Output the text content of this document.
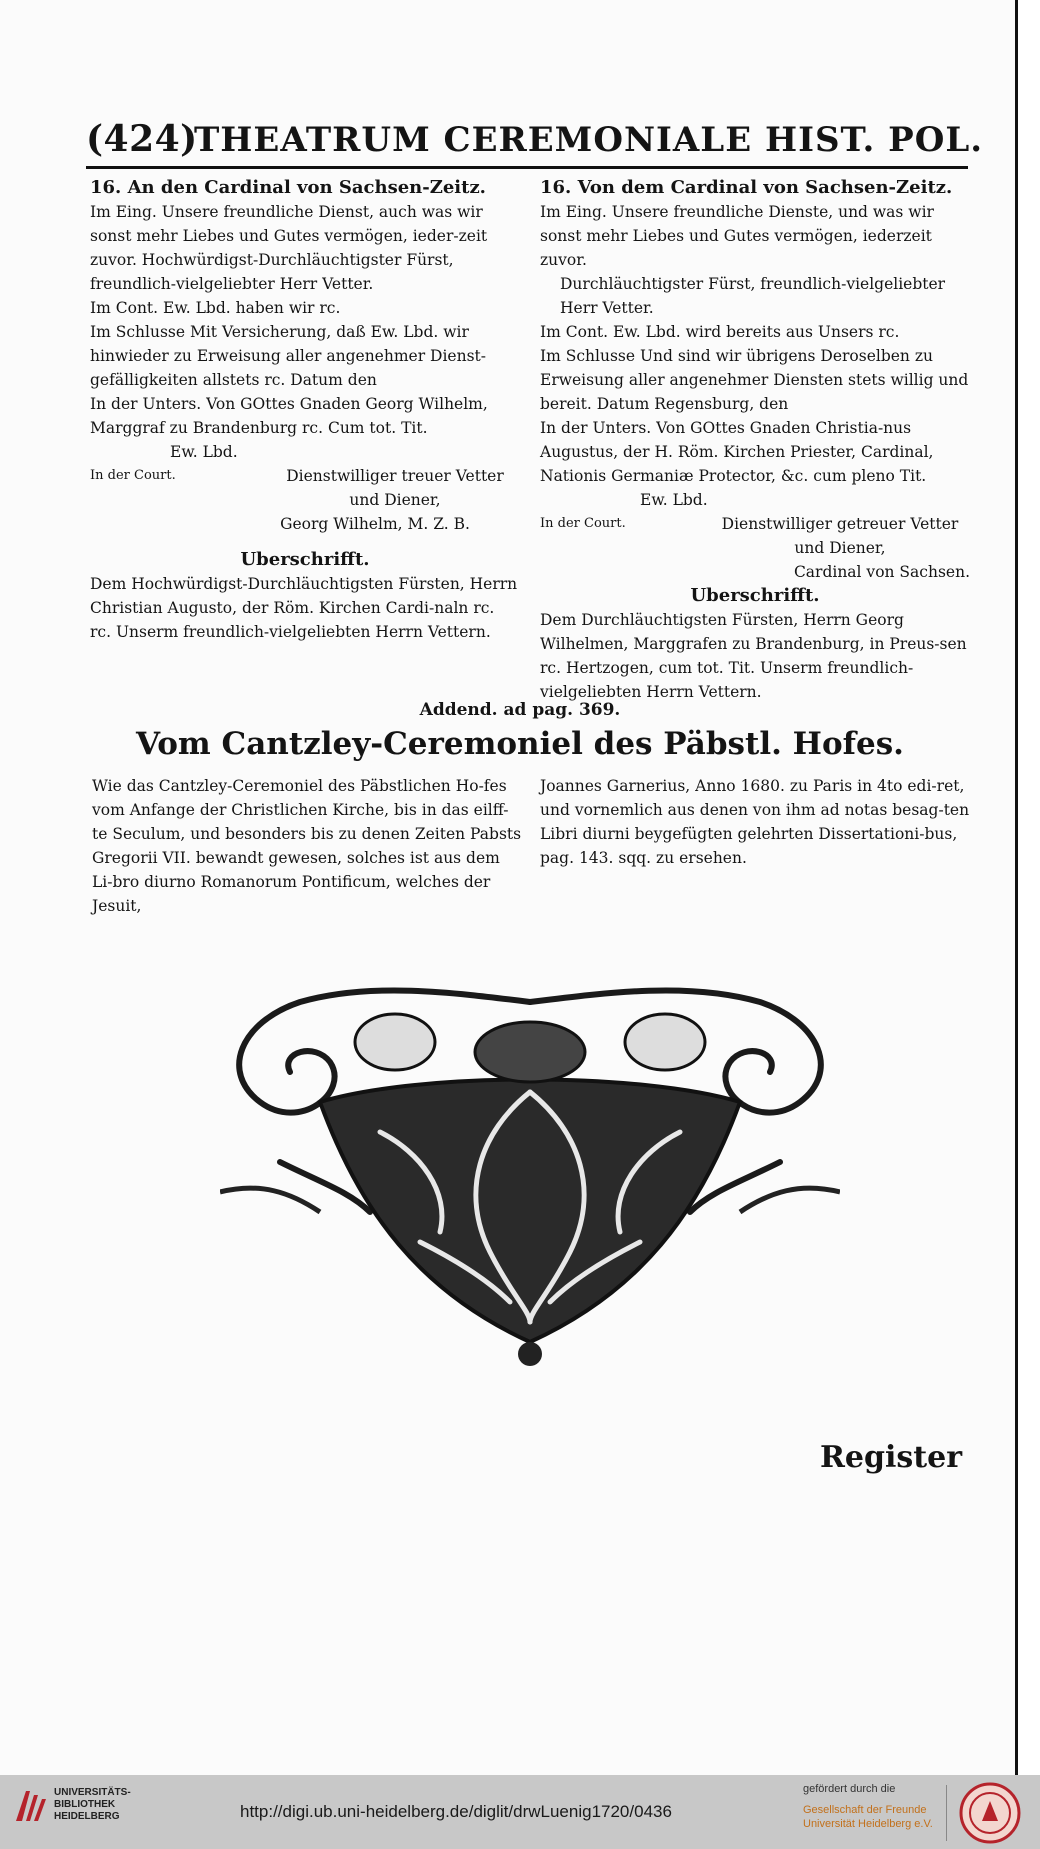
(424)
THEATRUM CEREMONIALE HIST. POL.

16. An den Cardinal von Sachsen-Zeitz.

Im Eing. Unsere freundliche Dienst, auch was wir sonst mehr Liebes und Gutes vermögen, ieder-zeit zuvor. Hochwürdigst-Durchläuchtigster Fürst, freundlich-vielgeliebter Herr Vetter.

Im Cont. Ew. Lbd. haben wir rc.

Im Schlusse Mit Versicherung, daß Ew. Lbd. wir hinwieder zu Erweisung aller angenehmer Dienst-gefälligkeiten allstets rc. Datum den

In der Unters. Von GOttes Gnaden Georg Wilhelm, Marggraf zu Brandenburg rc. Cum tot. Tit.

Ew. Lbd.

In der Court.	Dienstwilliger treuer Vetter und Diener,

Georg Wilhelm, M. Z. B.

Uberschrifft.

Dem Hochwürdigst-Durchläuchtigsten Fürsten, Herrn Christian Augusto, der Röm. Kirchen Cardi-naln rc. rc. Unserm freundlich-vielgeliebten Herrn Vettern.

16. Von dem Cardinal von Sachsen-Zeitz.

Im Eing. Unsere freundliche Dienste, und was wir sonst mehr Liebes und Gutes vermögen, iederzeit zuvor.

Durchläuchtigster Fürst, freundlich-vielgeliebter Herr Vetter.

Im Cont. Ew. Lbd. wird bereits aus Unsers rc.

Im Schlusse Und sind wir übrigens Deroselben zu Erweisung aller angenehmer Diensten stets willig und bereit. Datum Regensburg, den

In der Unters. Von GOttes Gnaden Christia-nus Augustus, der H. Röm. Kirchen Priester, Cardinal, Nationis Germaniæ Protector, &c. cum pleno Tit.

Ew. Lbd.

In der Court.	Dienstwilliger getreuer Vetter und Diener,

Cardinal von Sachsen.

Uberschrifft.

Dem Durchläuchtigsten Fürsten, Herrn Georg Wilhelmen, Marggrafen zu Brandenburg, in Preus-sen rc. Hertzogen, cum tot. Tit. Unserm freundlich-vielgeliebten Herrn Vettern.

Addend. ad pag. 369.
Vom Cantzley-Ceremoniel des Päbstl. Hofes.

Wie das Cantzley-Ceremoniel des Päbstlichen Ho-fes vom Anfange der Christlichen Kirche, bis in das eilff-te Seculum, und besonders bis zu denen Zeiten Pabsts Gregorii VII. bewandt gewesen, solches ist aus dem Li-bro diurno Romanorum Pontificum, welches der Jesuit,

Joannes Garnerius, Anno 1680. zu Paris in 4to edi-ret, und vornemlich aus denen von ihm ad notas besag-ten Libri diurni beygefügten gelehrten Dissertationi-bus, pag. 143. sqq. zu ersehen.

Register
UNIVERSITÄTS-
BIBLIOTHEK
HEIDELBERG	http://digi.ub.uni-heidelberg.de/diglit/drwLuenig1720/0436
gefördert durch die
Gesellschaft der Freunde
Universität Heidelberg e.V.
